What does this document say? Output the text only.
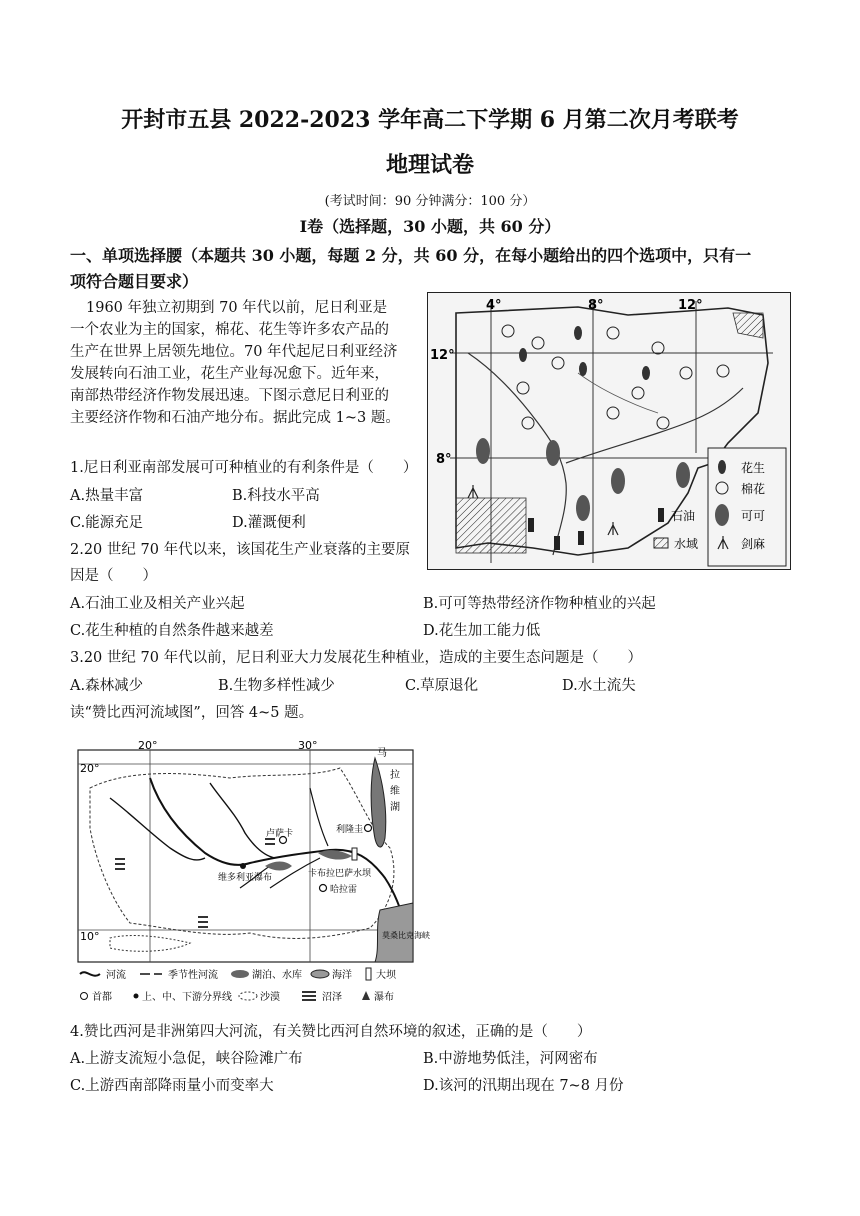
开封市五县 2022-2023 学年高二下学期 6 月第二次月考联考
地理试卷
(考试时间：90 分钟满分：100 分）
Ⅰ卷（选择题，30 小题，共 60 分）
一、单项选择腰（本题共 30 小题，每题 2 分，共 60 分，在每小题给出的四个选项中，只有一
项符合题目要求）
1960 年独立初期到 70 年代以前，尼日利亚是
一个农业为主的国家，棉花、花生等许多农产品的
生产在世界上居领先地位。70 年代起尼日利亚经济
发展转向石油工业，花生产业每况愈下。近年来，
南部热带经济作物发展迅速。下图示意尼日利亚的
主要经济作物和石油产地分布。据此完成 1~3 题。
4°	8°	12°
12°
8°
花生
棉花
石油	可可
水域	剑麻
1.尼日利亚南部发展可可种植业的有利条件是（　　）
A.热量丰富	B.科技水平高
C.能源充足	D.灌溉便利
2.20 世纪 70 年代以来，该国花生产业衰落的主要原
因是（　　）
A.石油工业及相关产业兴起	B.可可等热带经济作物种植业的兴起
C.花生种植的自然条件越来越差	D.花生加工能力低
3.20 世纪 70 年代以前，尼日利亚大力发展花生种植业，造成的主要生态问题是（　　）
A.森林减少	B.生物多样性减少	C.草原退化	D.水土流失
读“赞比西河流域图”，回答 4~5 题。
20°	30°
20°
10°
马
拉
维
湖
卢萨卡	利隆圭
维多利亚瀑布	卡布拉巴萨水坝
哈拉雷
莫桑比克海峡
河流	季节性河流	湖泊、水库	海洋 大坝
首都	上、中、下游分界线	沙漠	沼泽	瀑布
4.赞比西河是非洲第四大河流，有关赞比西河自然环境的叙述，正确的是（　　）
A.上游支流短小急促，峡谷险滩广布	B.中游地势低洼，河网密布
C.上游西南部降雨量小而变率大	D.该河的汛期出现在 7~8 月份
